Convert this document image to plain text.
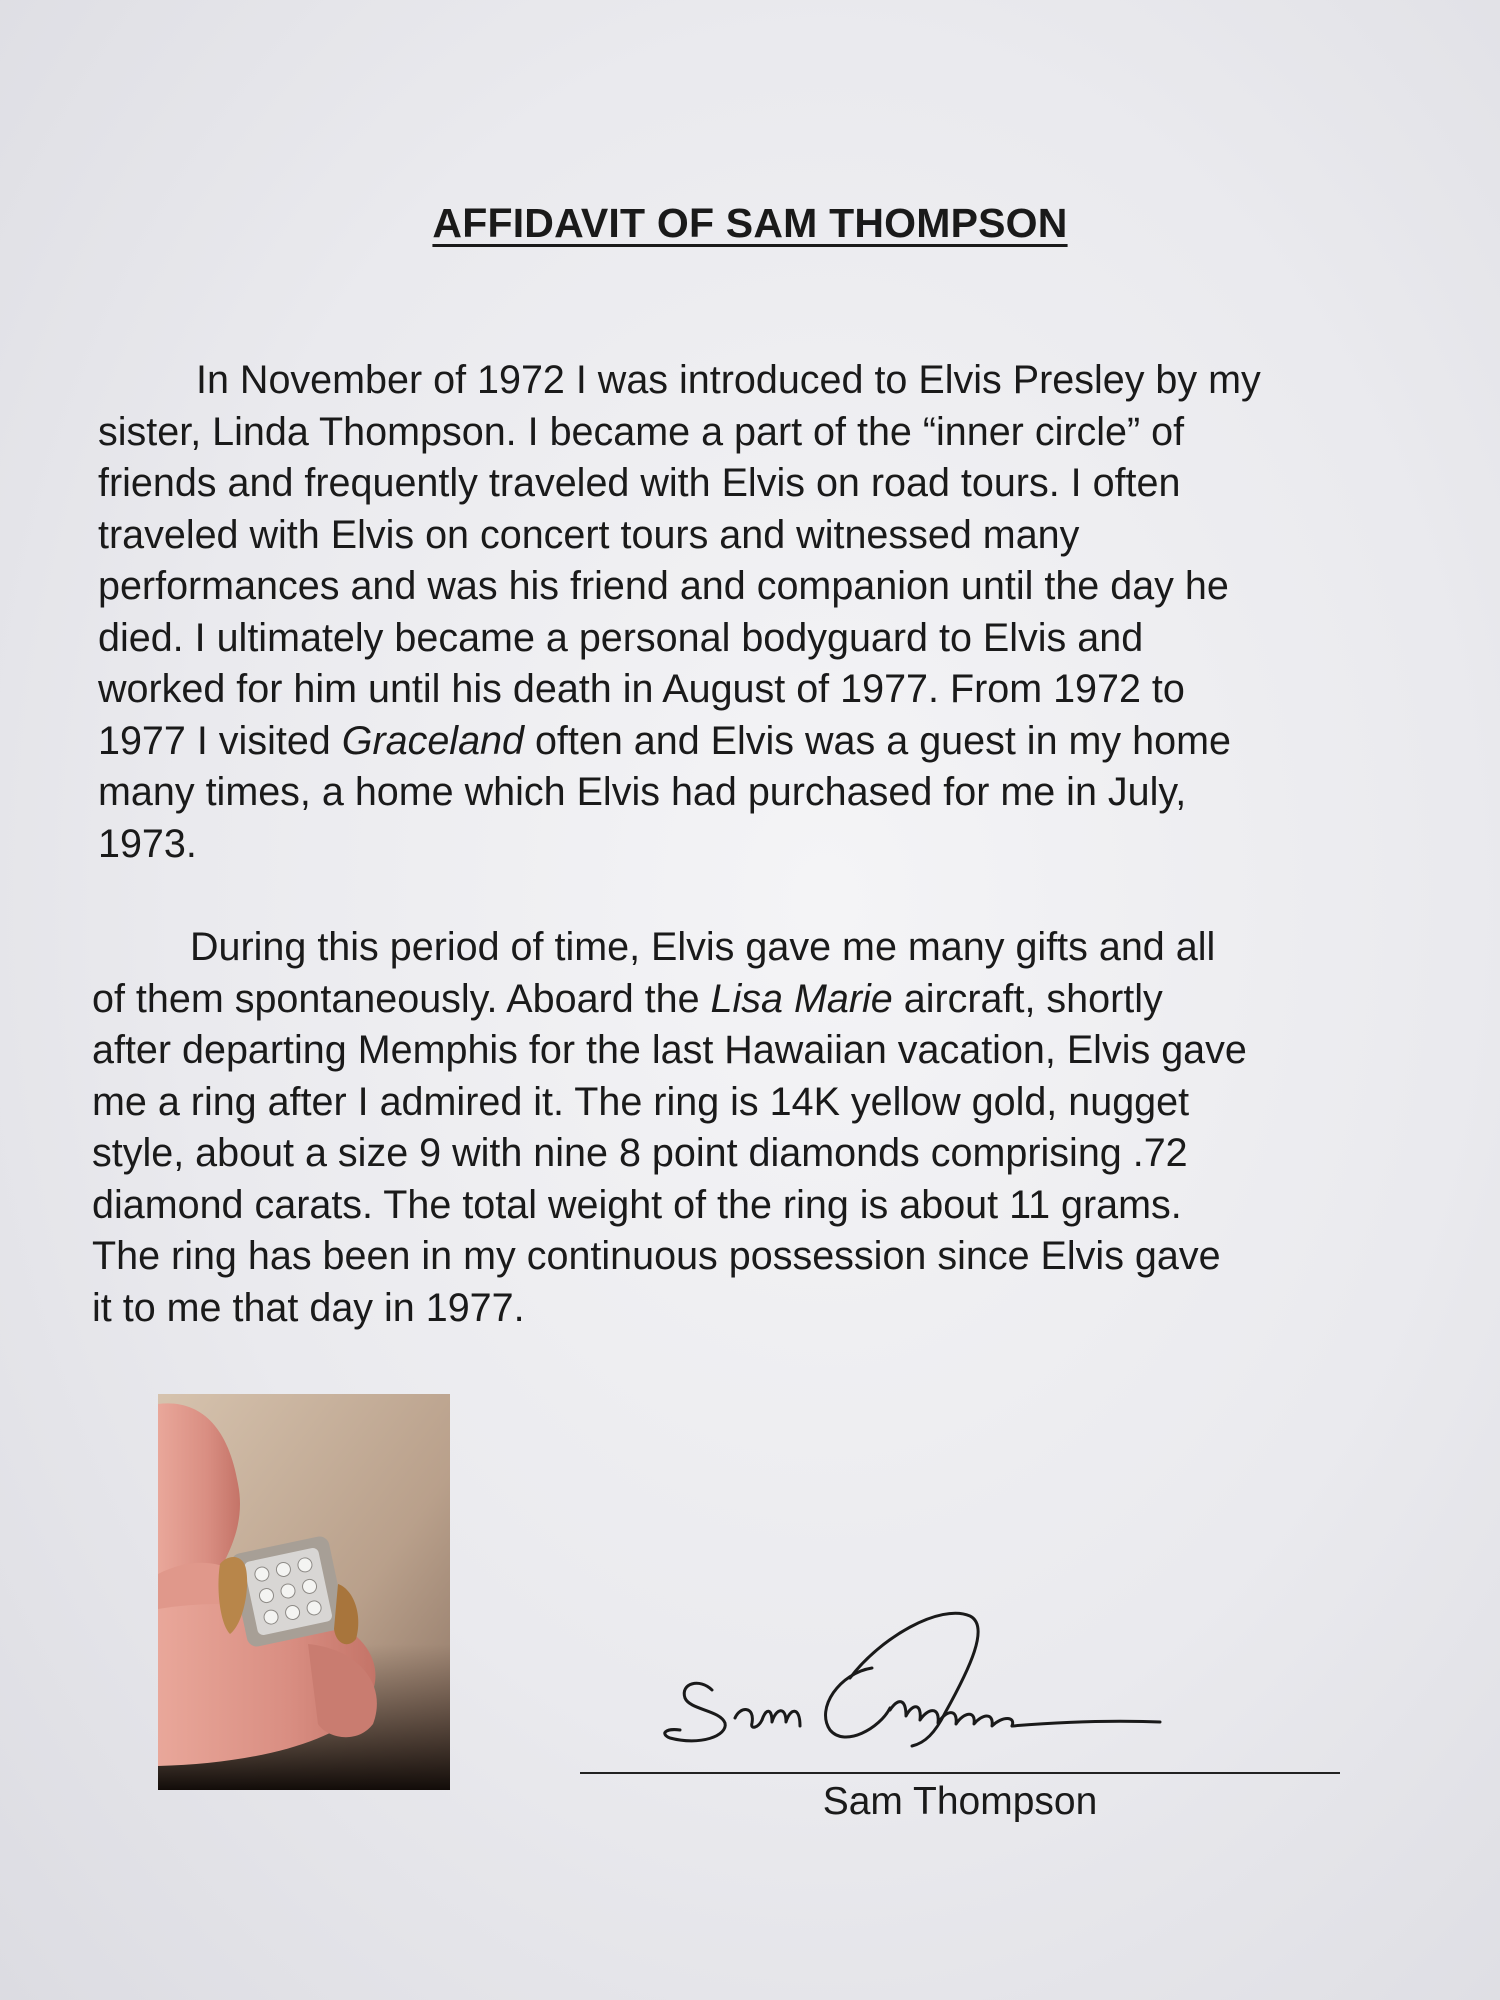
AFFIDAVIT OF SAM THOMPSON
In November of 1972 I was introduced to Elvis Presley by my
sister, Linda Thompson. I became a part of the “inner circle” of
friends and frequently traveled with Elvis on road tours. I often
traveled with Elvis on concert tours and witnessed many
performances and was his friend and companion until the day he
died. I ultimately became a personal bodyguard to Elvis and
worked for him until his death in August of 1977. From 1972 to
1977 I visited Graceland often and Elvis was a guest in my home
many times, a home which Elvis had purchased for me in July,
1973.
During this period of time, Elvis gave me many gifts and all
of them spontaneously. Aboard the Lisa Marie aircraft, shortly
after departing Memphis for the last Hawaiian vacation, Elvis gave
me a ring after I admired it. The ring is 14K yellow gold, nugget
style, about a size 9 with nine 8 point diamonds comprising .72
diamond carats. The total weight of the ring is about 11 grams.
The ring has been in my continuous possession since Elvis gave
it to me that day in 1977.
Sam Thompson
